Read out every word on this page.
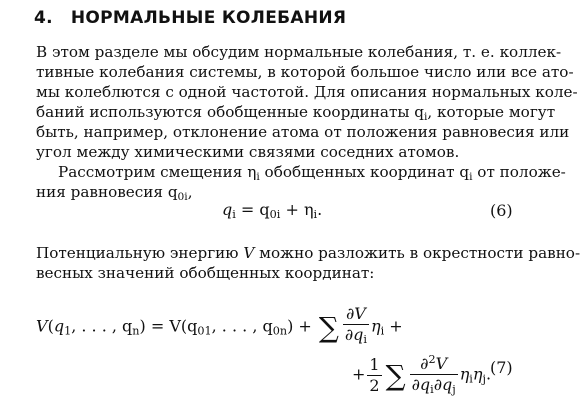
4. НОРМАЛЬНЫЕ КОЛЕБАНИЯ
В этом разделе мы обсудим нормальные колебания, т. е. коллек-
тивные колебания системы, в которой большое число или все ато-
мы колеблются с одной частотой. Для описания нормальных коле-
баний используются обобщенные координаты $q_i$, которые могут
быть, например, отклонение атома от положения равновесия или
угол между химическими связями соседних атомов.
Рассмотрим смещения $\eta_i$ обобщенных координат $q_i$ от положе-
ния равновесия $q_{0i}$,
$q_i = q_{0i} + \eta_i$.	(6)
Потенциальную энергию V можно разложить в окрестности равно-
весных значений обобщенных координат:
$V(q_1$, . . . , $q_n) = V(q_{01}$, . . . , $q_{0n}$) + ∑ $\frac{\partial V}{\partial q_i} \eta_i$ +
+ $\frac{1}{2}$ ∑ $\frac{\partial^2V}{\partial q_i\partial q_j} \eta_i\eta_j$.
(7)
